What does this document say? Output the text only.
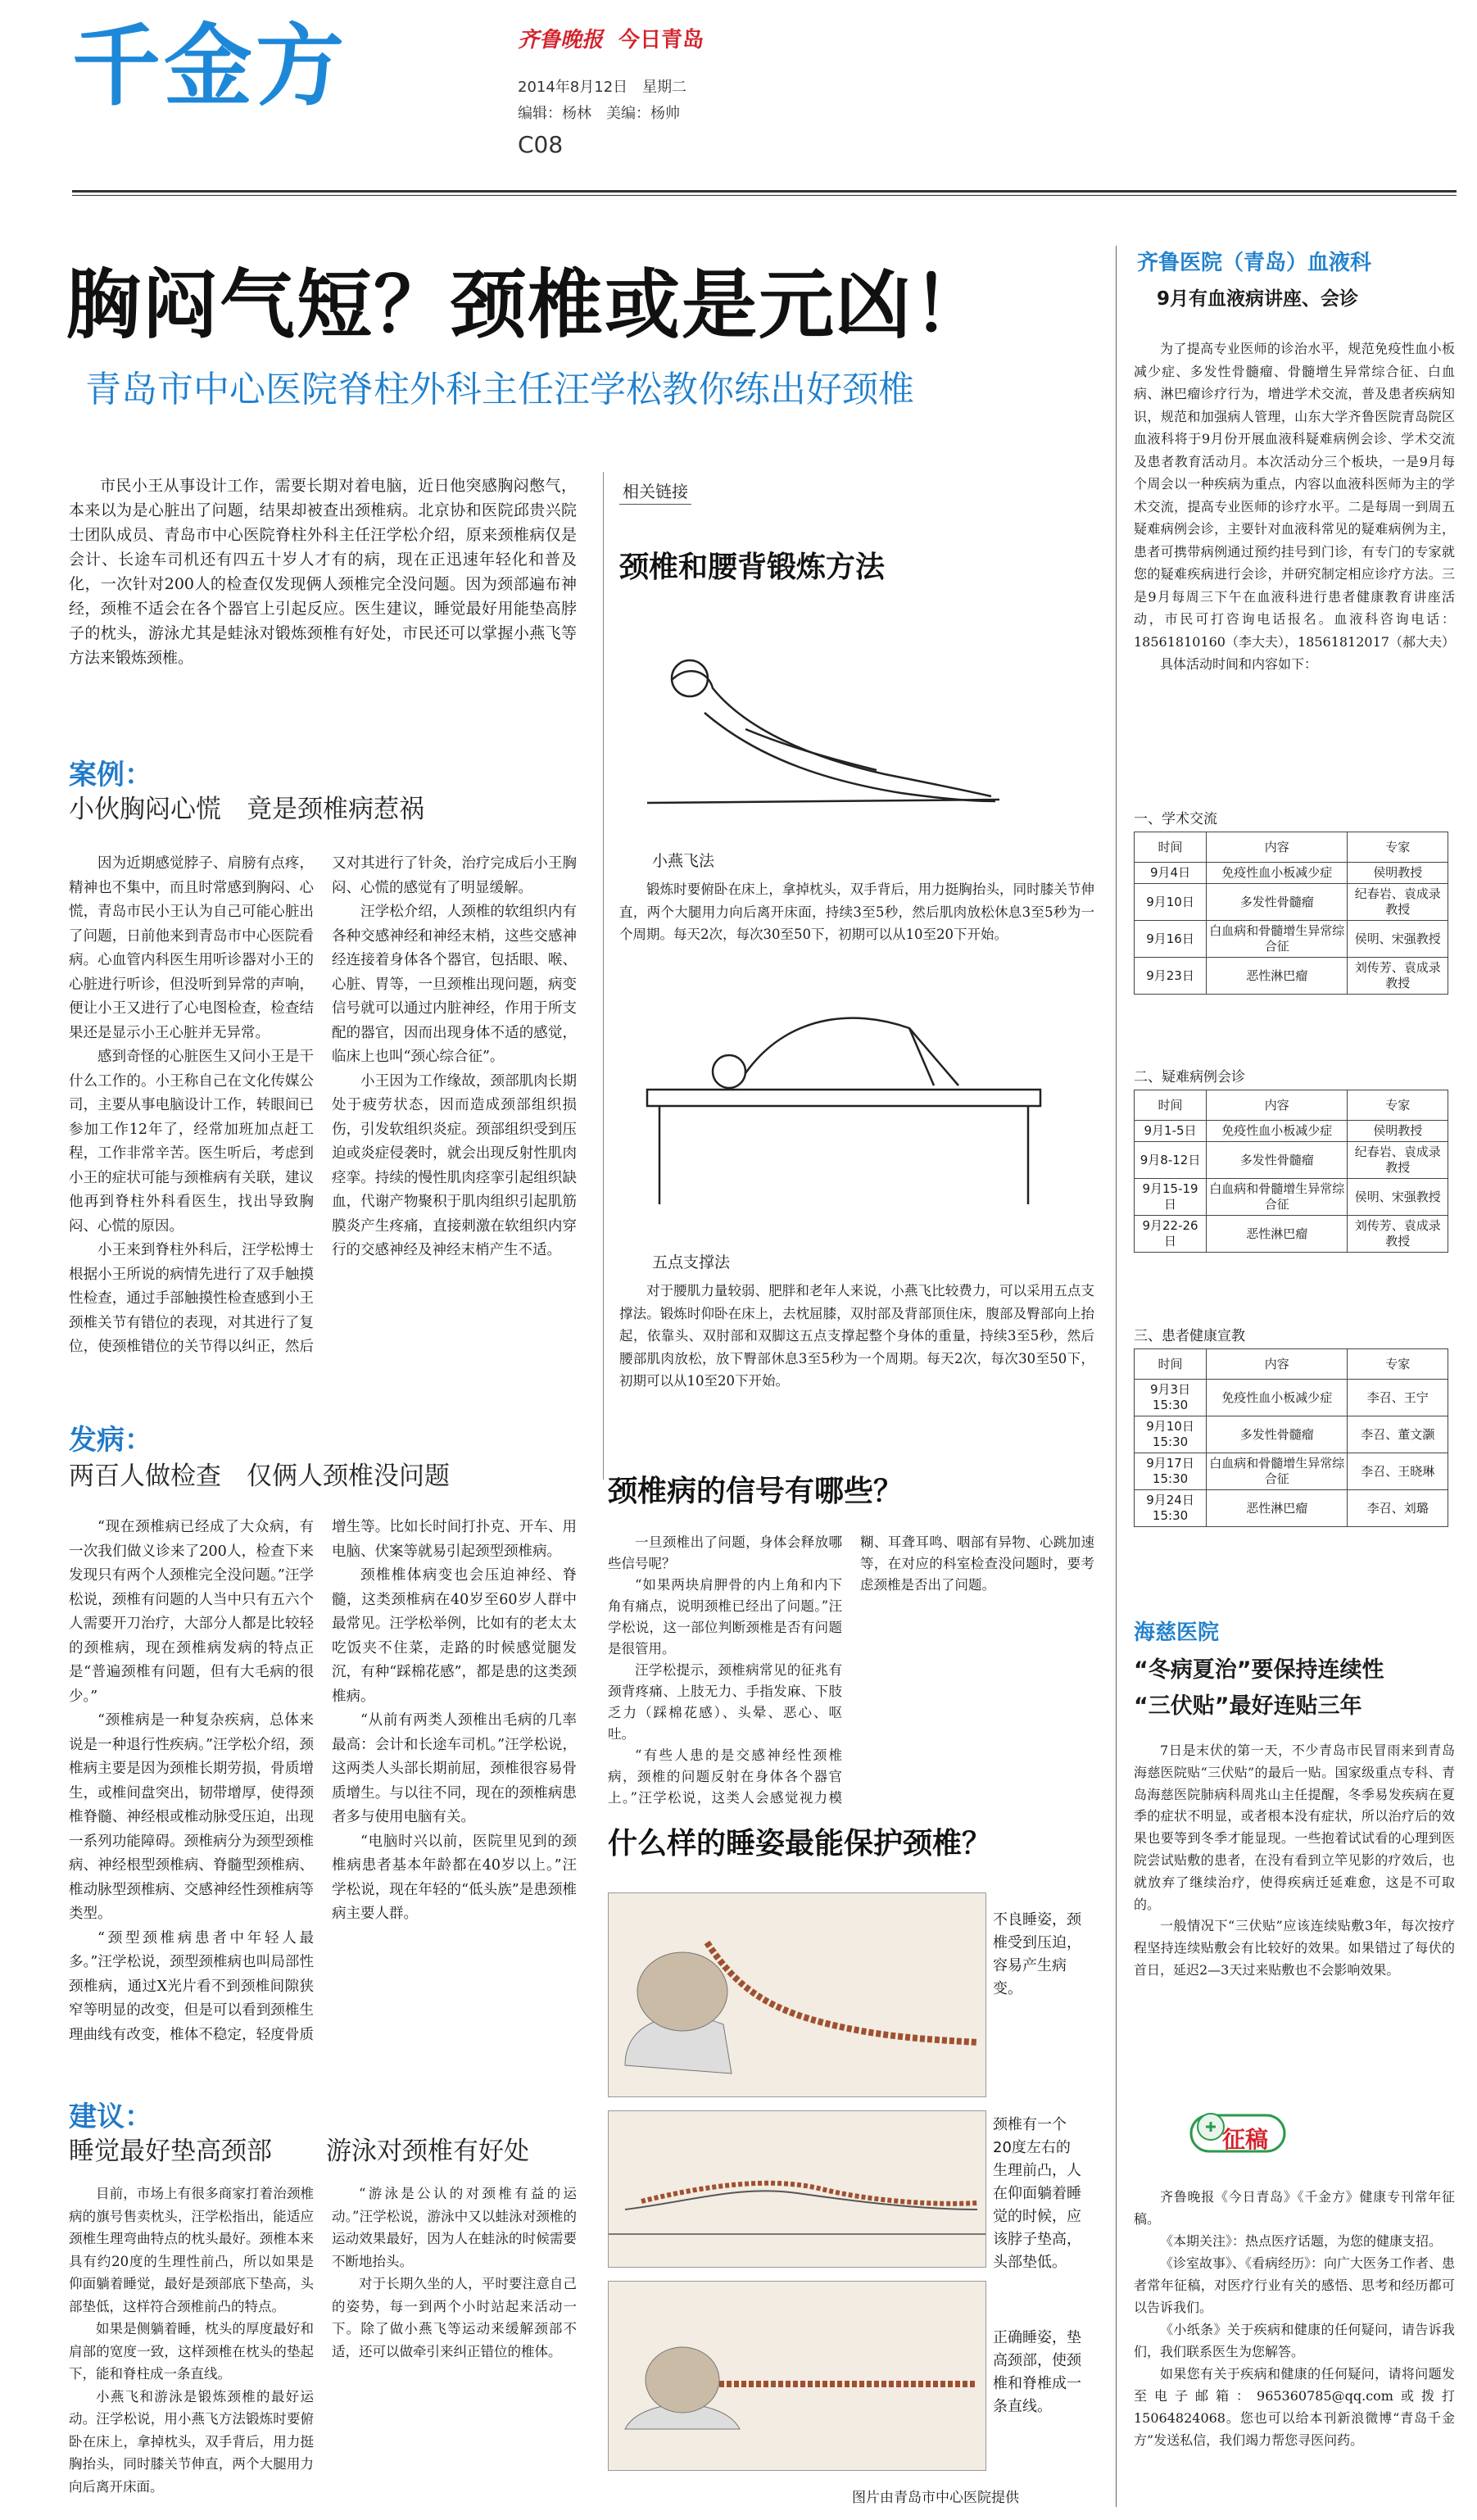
千金方	齐鲁晚报 今日青岛
2014年8月12日　星期二
编辑：杨林　美编：杨帅
C08
胸闷气短？颈椎或是元凶！
青岛市中心医院脊柱外科主任汪学松教你练出好颈椎

市民小王从事设计工作，需要长期对着电脑，近日他突感胸闷憋气，本来以为是心脏出了问题，结果却被查出颈椎病。北京协和医院邱贵兴院士团队成员、青岛市中心医院脊柱外科主任汪学松介绍，原来颈椎病仅是会计、长途车司机还有四五十岁人才有的病，现在正迅速年轻化和普及化，一次针对200人的检查仅发现俩人颈椎完全没问题。因为颈部遍布神经，颈椎不适会在各个器官上引起反应。医生建议，睡觉最好用能垫高脖子的枕头，游泳尤其是蛙泳对锻炼颈椎有好处，市民还可以掌握小燕飞等方法来锻炼颈椎。

案例：
小伙胸闷心慌　竟是颈椎病惹祸

因为近期感觉脖子、肩膀有点疼，精神也不集中，而且时常感到胸闷、心慌，青岛市民小王认为自己可能心脏出了问题，日前他来到青岛市中心医院看病。心血管内科医生用听诊器对小王的心脏进行听诊，但没听到异常的声响，便让小王又进行了心电图检查，检查结果还是显示小王心脏并无异常。

感到奇怪的心脏医生又问小王是干什么工作的。小王称自己在文化传媒公司，主要从事电脑设计工作，转眼间已参加工作12年了，经常加班加点赶工程，工作非常辛苦。医生听后，考虑到小王的症状可能与颈椎病有关联，建议他再到脊柱外科看医生，找出导致胸闷、心慌的原因。

小王来到脊柱外科后，汪学松博士根据小王所说的病情先进行了双手触摸性检查，通过手部触摸性检查感到小王颈椎关节有错位的表现，对其进行了复位，使颈椎错位的关节得以纠正，然后又对其进行了针灸，治疗完成后小王胸闷、心慌的感觉有了明显缓解。

汪学松介绍，人颈椎的软组织内有各种交感神经和神经末梢，这些交感神经连接着身体各个器官，包括眼、喉、心脏、胃等，一旦颈椎出现问题，病变信号就可以通过内脏神经，作用于所支配的器官，因而出现身体不适的感觉，临床上也叫“颈心综合征”。

小王因为工作缘故，颈部肌肉长期处于疲劳状态，因而造成颈部组织损伤，引发软组织炎症。颈部组织受到压迫或炎症侵袭时，就会出现反射性肌肉痉挛。持续的慢性肌肉痉挛引起组织缺血，代谢产物聚积于肌肉组织引起肌筋膜炎产生疼痛，直接刺激在软组织内穿行的交感神经及神经末梢产生不适。

发病：
两百人做检查　仅俩人颈椎没问题

“现在颈椎病已经成了大众病，有一次我们做义诊来了200人，检查下来发现只有两个人颈椎完全没问题。”汪学松说，颈椎有问题的人当中只有五六个人需要开刀治疗，大部分人都是比较轻的颈椎病，现在颈椎病发病的特点正是“普遍颈椎有问题，但有大毛病的很少。”

“颈椎病是一种复杂疾病，总体来说是一种退行性疾病。”汪学松介绍，颈椎病主要是因为颈椎长期劳损，骨质增生，或椎间盘突出，韧带增厚，使得颈椎脊髓、神经根或椎动脉受压迫，出现一系列功能障碍。颈椎病分为颈型颈椎病、神经根型颈椎病、脊髓型颈椎病、椎动脉型颈椎病、交感神经性颈椎病等类型。

“颈型颈椎病患者中年轻人最多。”汪学松说，颈型颈椎病也叫局部性颈椎病，通过X光片看不到颈椎间隙狭窄等明显的改变，但是可以看到颈椎生理曲线有改变，椎体不稳定，轻度骨质增生等。比如长时间打扑克、开车、用电脑、伏案等就易引起颈型颈椎病。

颈椎椎体病变也会压迫神经、脊髓，这类颈椎病在40岁至60岁人群中最常见。汪学松举例，比如有的老太太吃饭夹不住菜，走路的时候感觉腿发沉，有种“踩棉花感”，都是患的这类颈椎病。

“从前有两类人颈椎出毛病的几率最高：会计和长途车司机。”汪学松说，这两类人头部长期前屈，颈椎很容易骨质增生。与以往不同，现在的颈椎病患者多与使用电脑有关。

“电脑时兴以前，医院里见到的颈椎病患者基本年龄都在40岁以上。”汪学松说，现在年轻的“低头族”是患颈椎病主要人群。

建议：
睡觉最好垫高颈部 游泳对颈椎有好处

目前，市场上有很多商家打着治颈椎病的旗号售卖枕头，汪学松指出，能适应颈椎生理弯曲特点的枕头最好。颈椎本来具有约20度的生理性前凸，所以如果是仰面躺着睡觉，最好是颈部底下垫高，头部垫低，这样符合颈椎前凸的特点。

如果是侧躺着睡，枕头的厚度最好和肩部的宽度一致，这样颈椎在枕头的垫起下，能和脊柱成一条直线。

小燕飞和游泳是锻炼颈椎的最好运动。汪学松说，用小燕飞方法锻炼时要俯卧在床上，拿掉枕头，双手背后，用力挺胸抬头，同时膝关节伸直，两个大腿用力向后离开床面。

“游泳是公认的对颈椎有益的运动。”汪学松说，游泳中又以蛙泳对颈椎的运动效果最好，因为人在蛙泳的时候需要不断地抬头。

对于长期久坐的人，平时要注意自己的姿势，每一到两个小时站起来活动一下。除了做小燕飞等运动来缓解颈部不适，还可以做牵引来纠正错位的椎体。

相关链接
颈椎和腰背锻炼方法
小燕飞法

锻炼时要俯卧在床上，拿掉枕头，双手背后，用力挺胸抬头，同时膝关节伸直，两个大腿用力向后离开床面，持续3至5秒，然后肌肉放松休息3至5秒为一个周期。每天2次，每次30至50下，初期可以从10至20下开始。

五点支撑法

对于腰肌力量较弱、肥胖和老年人来说，小燕飞比较费力，可以采用五点支撑法。锻炼时仰卧在床上，去枕屈膝，双肘部及背部顶住床，腹部及臀部向上抬起，依靠头、双肘部和双脚这五点支撑起整个身体的重量，持续3至5秒，然后腰部肌肉放松，放下臀部休息3至5秒为一个周期。每天2次，每次30至50下，初期可以从10至20下开始。

颈椎病的信号有哪些？

一旦颈椎出了问题，身体会释放哪些信号呢？

“如果两块肩胛骨的内上角和内下角有痛点，说明颈椎已经出了问题。”汪学松说，这一部位判断颈椎是否有问题是很管用。

汪学松提示，颈椎病常见的征兆有颈背疼痛、上肢无力、手指发麻、下肢乏力（踩棉花感）、头晕、恶心、呕吐。

“有些人患的是交感神经性颈椎病，颈椎的问题反射在身体各个器官上。”汪学松说，这类人会感觉视力模糊、耳聋耳鸣、咽部有异物、心跳加速等，在对应的科室检查没问题时，要考虑颈椎是否出了问题。

什么样的睡姿最能保护颈椎？
不良睡姿，颈椎受到压迫，容易产生病变。
颈椎有一个20度左右的生理前凸，人在仰面躺着睡觉的时候，应该脖子垫高，头部垫低。
正确睡姿，垫高颈部，使颈椎和脊椎成一条直线。
图片由青岛市中心医院提供
齐鲁医院（青岛）血液科
9月有血液病讲座、会诊

为了提高专业医师的诊治水平，规范免疫性血小板减少症、多发性骨髓瘤、骨髓增生异常综合征、白血病、淋巴瘤诊疗行为，增进学术交流，普及患者疾病知识，规范和加强病人管理，山东大学齐鲁医院青岛院区血液科将于9月份开展血液科疑难病例会诊、学术交流及患者教育活动月。本次活动分三个板块，一是9月每个周会以一种疾病为重点，内容以血液科医师为主的学术交流，提高专业医师的诊疗水平。二是每周一到周五疑难病例会诊，主要针对血液科常见的疑难病例为主，患者可携带病例通过预约挂号到门诊，有专门的专家就您的疑难疾病进行会诊，并研究制定相应诊疗方法。三是9月每周三下午在血液科进行患者健康教育讲座活动，市民可打咨询电话报名。血液科咨询电话：18561810160（李大夫），18561812017（郝大夫）

具体活动时间和内容如下：

一、学术交流
时间	内容	专家
9月4日	免疫性血小板减少症	侯明教授
9月10日	多发性骨髓瘤	纪春岩、袁成录教授
9月16日	白血病和骨髓增生异常综合征	侯明、宋强教授
9月23日	恶性淋巴瘤	刘传芳、袁成录教授
二、疑难病例会诊
时间	内容	专家
9月1-5日	免疫性血小板减少症	侯明教授
9月8-12日	多发性骨髓瘤	纪春岩、袁成录教授
9月15-19日	白血病和骨髓增生异常综合征	侯明、宋强教授
9月22-26日	恶性淋巴瘤	刘传芳、袁成录教授
三、患者健康宣教
时间	内容	专家
9月3日15:30	免疫性血小板减少症	李召、王宁
9月10日15:30	多发性骨髓瘤	李召、董文灏
9月17日15:30	白血病和骨髓增生异常综合征	李召、王晓琳
9月24日15:30	恶性淋巴瘤	李召、刘璐
海慈医院
“冬病夏治”要保持连续性
“三伏贴”最好连贴三年

7日是末伏的第一天，不少青岛市民冒雨来到青岛海慈医院贴“三伏贴”的最后一贴。国家级重点专科、青岛海慈医院肺病科周兆山主任提醒，冬季易发疾病在夏季的症状不明显，或者根本没有症状，所以治疗后的效果也要等到冬季才能显现。一些抱着试试看的心理到医院尝试贴敷的患者，在没有看到立竿见影的疗效后，也就放弃了继续治疗，使得疾病迁延难愈，这是不可取的。

一般情况下“三伏贴”应该连续贴敷3年，每次按疗程坚持连续贴敷会有比较好的效果。如果错过了每伏的首日，延迟2—3天过来贴敷也不会影响效果。

征稿

齐鲁晚报《今日青岛》《千金方》健康专刊常年征稿。

《本期关注》：热点医疗话题，为您的健康支招。

《诊室故事》、《看病经历》：向广大医务工作者、患者常年征稿，对医疗行业有关的感悟、思考和经历都可以告诉我们。

《小纸条》关于疾病和健康的任何疑问，请告诉我们，我们联系医生为您解答。

如果您有关于疾病和健康的任何疑问，请将问题发至电子邮箱：965360785@qq.com或拨打15064824068。您也可以给本刊新浪微博“青岛千金方”发送私信，我们竭力帮您寻医问药。
